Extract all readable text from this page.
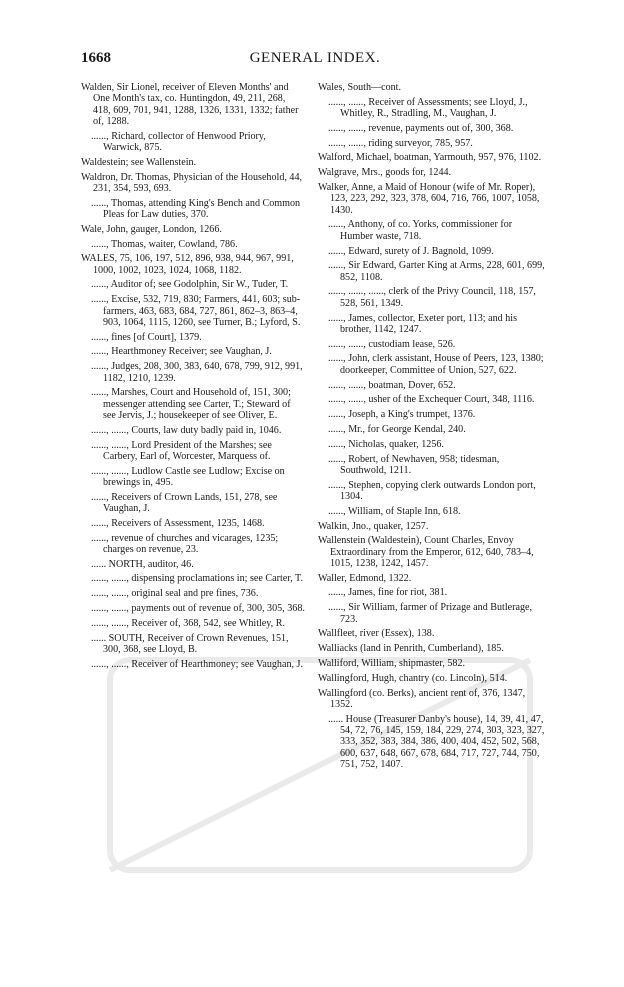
1668	GENERAL INDEX.

Walden, Sir Lionel, receiver of Eleven Months' and One Month's tax, co. Huntingdon, 49, 211, 268, 418, 609, 701, 941, 1288, 1326, 1331, 1332; father of, 1288.

......, Richard, collector of Henwood Priory, Warwick, 875.

Waldestein; see Wallenstein.

Waldron, Dr. Thomas, Physician of the Household, 44, 231, 354, 593, 693.

......, Thomas, attending King's Bench and Common Pleas for Law duties, 370.

Wale, John, gauger, London, 1266.

......, Thomas, waiter, Cowland, 786.

WALES, 75, 106, 197, 512, 896, 938, 944, 967, 991, 1000, 1002, 1023, 1024, 1068, 1182.

......, Auditor of; see Godolphin, Sir W., Tuder, T.

......, Excise, 532, 719, 830; Farmers, 441, 603; sub-farmers, 463, 683, 684, 727, 861, 862–3, 863–4, 903, 1064, 1115, 1260, see Turner, B.; Lyford, S.

......, fines [of Court], 1379.

......, Hearthmoney Receiver; see Vaughan, J.

......, Judges, 208, 300, 383, 640, 678, 799, 912, 991, 1182, 1210, 1239.

......, Marshes, Court and Household of, 151, 300; messenger attending see Carter, T.; Steward of see Jervis, J.; housekeeper of see Oliver, E.

......, ......, Courts, law duty badly paid in, 1046.

......, ......, Lord President of the Marshes; see Carbery, Earl of, Worcester, Marquess of.

......, ......, Ludlow Castle see Ludlow; Excise on brewings in, 495.

......, Receivers of Crown Lands, 151, 278, see Vaughan, J.

......, Receivers of Assessment, 1235, 1468.

......, revenue of churches and vicarages, 1235; charges on revenue, 23.

...... NORTH, auditor, 46.

......, ......, dispensing proclamations in; see Carter, T.

......, ......, original seal and pre fines, 736.

......, ......, payments out of revenue of, 300, 305, 368.

......, ......, Receiver of, 368, 542, see Whitley, R.

...... SOUTH, Receiver of Crown Revenues, 151, 300, 368, see Lloyd, B.

......, ......, Receiver of Hearthmoney; see Vaughan, J.

Wales, South—cont.

......, ......, Receiver of Assessments; see Lloyd, J., Whitley, R., Stradling, M., Vaughan, J.

......, ......, revenue, payments out of, 300, 368.

......, ......, riding surveyor, 785, 957.

Walford, Michael, boatman, Yarmouth, 957, 976, 1102.

Walgrave, Mrs., goods for, 1244.

Walker, Anne, a Maid of Honour (wife of Mr. Roper), 123, 223, 292, 323, 378, 604, 716, 766, 1007, 1058, 1430.

......, Anthony, of co. Yorks, commissioner for Humber waste, 718.

......, Edward, surety of J. Bagnold, 1099.

......, Sir Edward, Garter King at Arms, 228, 601, 699, 852, 1108.

......, ......, ......, clerk of the Privy Council, 118, 157, 528, 561, 1349.

......, James, collector, Exeter port, 113; and his brother, 1142, 1247.

......, ......, custodiam lease, 526.

......, John, clerk assistant, House of Peers, 123, 1380; doorkeeper, Committee of Union, 527, 622.

......, ......, boatman, Dover, 652.

......, ......, usher of the Exchequer Court, 348, 1116.

......, Joseph, a King's trumpet, 1376.

......, Mr., for George Kendal, 240.

......, Nicholas, quaker, 1256.

......, Robert, of Newhaven, 958; tidesman, Southwold, 1211.

......, Stephen, copying clerk outwards London port, 1304.

......, William, of Staple Inn, 618.

Walkin, Jno., quaker, 1257.

Wallenstein (Waldestein), Count Charles, Envoy Extraordinary from the Emperor, 612, 640, 783–4, 1015, 1238, 1242, 1457.

Waller, Edmond, 1322.

......, James, fine for riot, 381.

......, Sir William, farmer of Prizage and Butlerage, 723.

Wallfleet, river (Essex), 138.

Walliacks (land in Penrith, Cumberland), 185.

Walliford, William, shipmaster, 582.

Wallingford, Hugh, chantry (co. Lincoln), 514.

Wallingford (co. Berks), ancient rent of, 376, 1347, 1352.

...... House (Treasurer Danby's house), 14, 39, 41, 47, 54, 72, 76, 145, 159, 184, 229, 274, 303, 323, 327, 333, 352, 383, 384, 386, 400, 404, 452, 502, 568, 600, 637, 648, 667, 678, 684, 717, 727, 744, 750, 751, 752, 1407.
